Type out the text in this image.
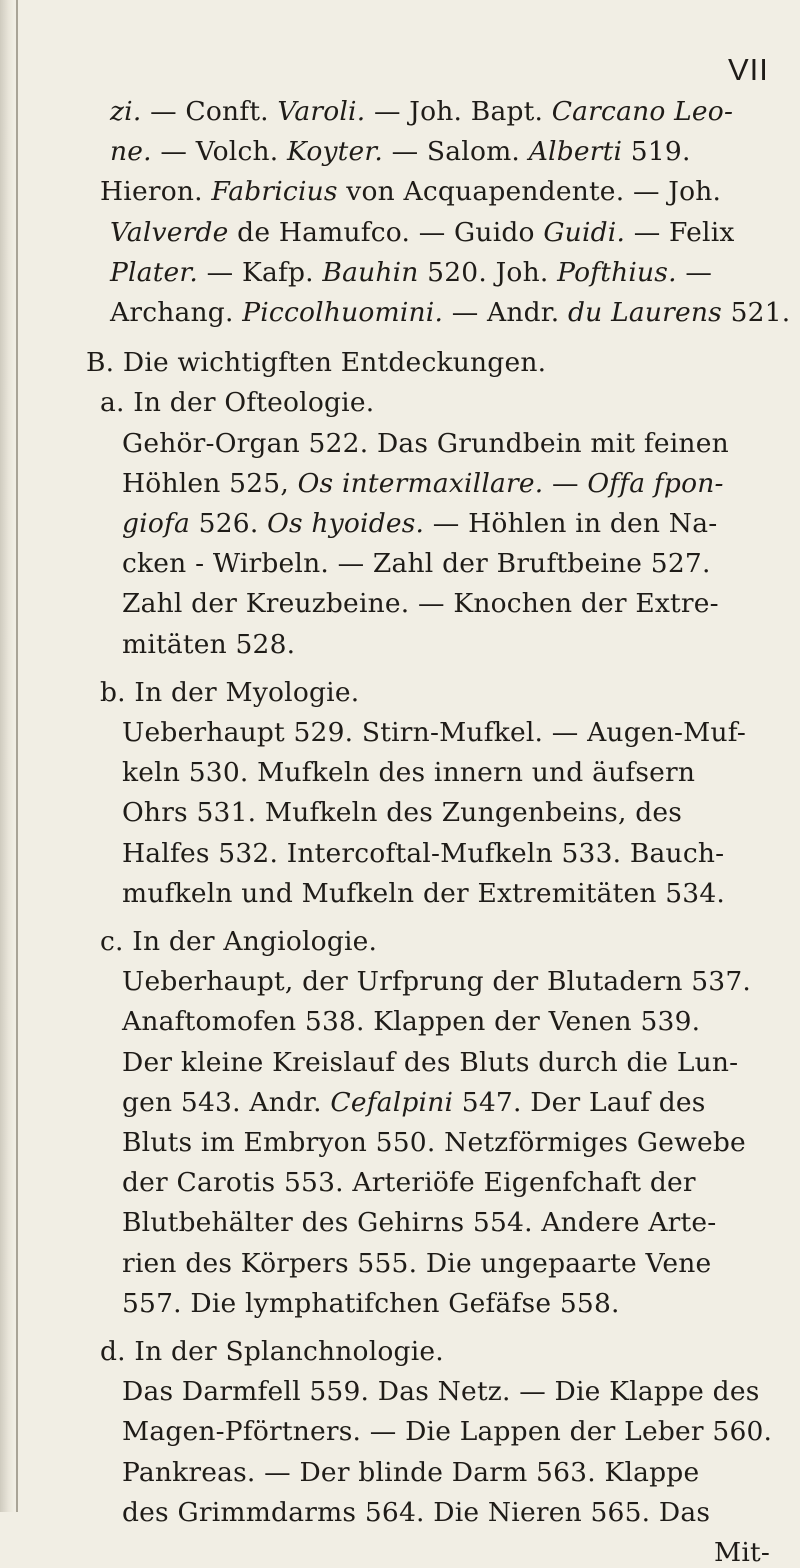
VII
Mit-
zi. — Conft. Varoli. — Joh. Bapt. Carcano Leo-
ne. — Volch. Koyter. — Salom. Alberti 519.
Hieron. Fabricius von Acquapendente. — Joh.
Valverde de Hamufco. — Guido Guidi. — Felix
Plater. — Kafp. Bauhin 520. Joh. Pofthius. —
Archang. Piccolhuomini. — Andr. du Laurens 521.
B. Die wichtigften Entdeckungen.
a. In der Ofteologie.
Gehör-Organ 522. Das Grundbein mit feinen
Höhlen 525, Os intermaxillare. — Offa fpon-
giofa 526. Os hyoides. — Höhlen in den Na-
cken - Wirbeln. — Zahl der Bruftbeine 527.
Zahl der Kreuzbeine. — Knochen der Extre-
mitäten 528.
b. In der Myologie.
Ueberhaupt 529. Stirn-Mufkel. — Augen-Muf-
keln 530. Mufkeln des innern und äufsern
Ohrs 531. Mufkeln des Zungenbeins, des
Halfes 532. Intercoftal-Mufkeln 533. Bauch-
mufkeln und Mufkeln der Extremitäten 534.
c. In der Angiologie.
Ueberhaupt, der Urfprung der Blutadern 537.
Anaftomofen 538. Klappen der Venen 539.
Der kleine Kreislauf des Bluts durch die Lun-
gen 543. Andr. Cefalpini 547. Der Lauf des
Bluts im Embryon 550. Netzförmiges Gewebe
der Carotis 553. Arteriöfe Eigenfchaft der
Blutbehälter des Gehirns 554. Andere Arte-
rien des Körpers 555. Die ungepaarte Vene
557. Die lymphatifchen Gefäfse 558.
d. In der Splanchnologie.
Das Darmfell 559. Das Netz. — Die Klappe des
Magen-Pförtners. — Die Lappen der Leber 560.
Pankreas. — Der blinde Darm 563. Klappe
des Grimmdarms 564. Die Nieren 565. Das
